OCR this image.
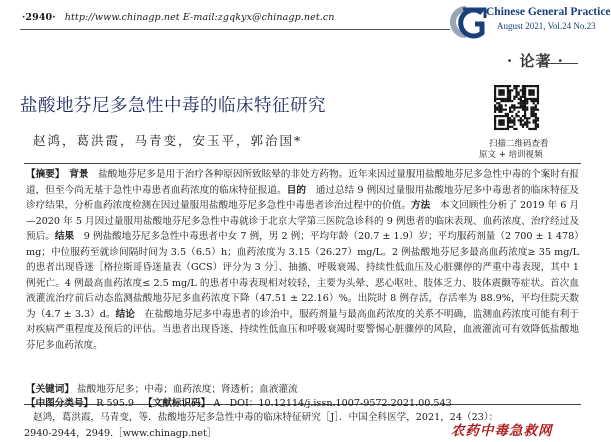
·2940· http://www.chinagp.net E-mail:zgqkyx@chinagp.net.cn	Chinese General Practice
August 2021, Vol.24 No.23
· 论著 ·
盐酸地芬尼多急性中毒的临床特征研究
赵鸿，葛洪霞，马青变，安玉平，郭治国*	扫描二维码查看
原文 + 培训视频
【摘要】　 背景　 盐酸地芬尼多是用于治疗各种原因所致眩晕的非处方药物。近年来因过量服用盐酸地芬尼多急性中毒的个案时有报道，但至今尚无基于急性中毒患者血药浓度的临床特征报道。目的　 通过总结 9 例因过量服用盐酸地芬尼多中毒患者的临床特征及诊疗结果，分析血药浓度检测在因过量服用盐酸地芬尼多急性中毒患者诊治过程中的价值。方法　 本文回顾性分析了 2019 年 6 月—2020 年 5 月因过量服用盐酸地芬尼多急性中毒就诊于北京大学第三医院急诊科的 9 例患者的临床表现、血药浓度、治疗经过及预后。结果　 9 例盐酸地芬尼多急性中毒患者中女 7 例，男 2 例；平均年龄（20.7 ± 1.9）岁；平均服药剂量（2 700 ± 1 478）mg；中位服药至就诊间隔时间为 3.5（6.5）h；血药浓度为 3.15（26.27）mg/L。2 例盐酸地芬尼多最高血药浓度≥ 35 mg/L 的患者出现昏迷［格拉斯哥昏迷量表（GCS）评分为 3 分］、抽搐、呼吸衰竭、持续性低血压及心脏骤停的严重中毒表现，其中 1 例死亡。4 例最高血药浓度≤ 2.5 mg/L 的患者中毒表现相对较轻，主要为头晕、恶心呕吐、肢体乏力、肢体震颤等症状。首次血液灌流治疗前后动态监测盐酸地芬尼多血药浓度下降（47.51 ± 22.16）%。出院时 8 例存活，存活率为 88.9%，平均住院天数为（4.7 ± 3.3）d。结论　 在盐酸地芬尼多中毒患者的诊治中，服药剂量与最高血药浓度的关系不明确，监测血药浓度可能有利于对疾病严重程度及预后的评估。当患者出现昏迷、持续性低血压和呼吸衰竭时要警惕心脏骤停的风险，血液灌流可有效降低盐酸地芬尼多血药浓度。
【关键词】 盐酸地芬尼多；中毒；血药浓度；肾透析；血液灌流
【中图分类号】 R 595.9 【文献标识码】 A DOI：10.12114/j.issn.1007-9572.2021.00.543
赵鸿，葛洪霞，马青变，等．盐酸地芬尼多急性中毒的临床特征研究［J］．中国全科医学，2021，24（23）：
2940-2944，2949.［www.chinagp.net］	农药中毒急救网
